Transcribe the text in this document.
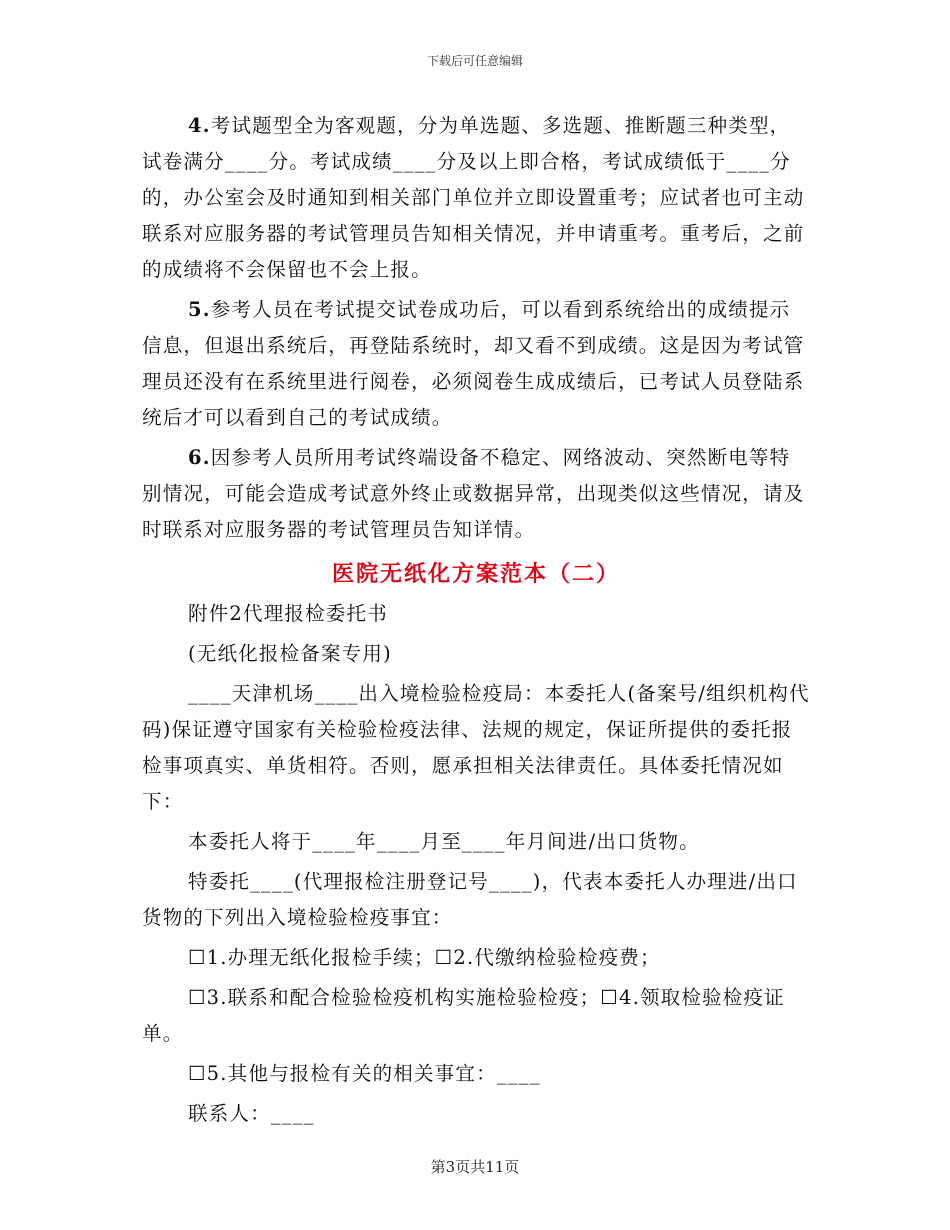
下载后可任意编辑

4.考试题型全为客观题，分为单选题、多选题、推断题三种类型，试卷满分____分。考试成绩____分及以上即合格，考试成绩低于____分的，办公室会及时通知到相关部门单位并立即设置重考；应试者也可主动联系对应服务器的考试管理员告知相关情况，并申请重考。重考后，之前的成绩将不会保留也不会上报。

5.参考人员在考试提交试卷成功后，可以看到系统给出的成绩提示信息，但退出系统后，再登陆系统时，却又看不到成绩。这是因为考试管理员还没有在系统里进行阅卷，必须阅卷生成成绩后，已考试人员登陆系统后才可以看到自己的考试成绩。

6.因参考人员所用考试终端设备不稳定、网络波动、突然断电等特别情况，可能会造成考试意外终止或数据异常，出现类似这些情况，请及时联系对应服务器的考试管理员告知详情。

医院无纸化方案范本（二）

附件2代理报检委托书

(无纸化报检备案专用)

____天津机场____出入境检验检疫局：本委托人(备案号/组织机构代码)保证遵守国家有关检验检疫法律、法规的规定，保证所提供的委托报检事项真实、单货相符。否则，愿承担相关法律责任。具体委托情况如下：

本委托人将于____年____月至____年月间进/出口货物。

特委托____(代理报检注册登记号____)，代表本委托人办理进/出口货物的下列出入境检验检疫事宜：

☐1.办理无纸化报检手续；☐2.代缴纳检验检疫费；

☐3.联系和配合检验检疫机构实施检验检疫；☐4.领取检验检疫证单。

☐5.其他与报检有关的相关事宜：____

联系人：____

第3页共11页
